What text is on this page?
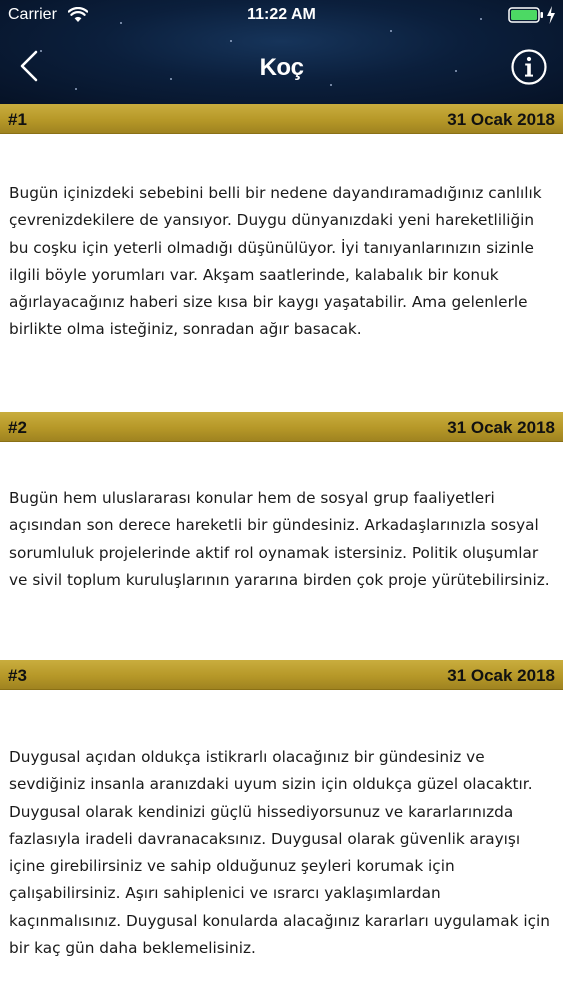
Carrier	11:22 AM
Koç
#1	31 Ocak 2018
Bugün içinizdeki sebebini belli bir nedene dayandıramadığınız canlılık çevrenizdekilere de yansıyor. Duygu dünyanızdaki yeni hareketliliğin bu coşku için yeterli olmadığı düşünülüyor. İyi tanıyanlarınızın sizinle ilgili böyle yorumları var. Akşam saatlerinde, kalabalık bir konuk ağırlayacağınız haberi size kısa bir kaygı yaşatabilir. Ama gelenlerle birlikte olma isteğiniz, sonradan ağır basacak.
#2	31 Ocak 2018
Bugün hem uluslararası konular hem de sosyal grup faaliyetleri açısından son derece hareketli bir gündesiniz. Arkadaşlarınızla sosyal sorumluluk projelerinde aktif rol oynamak istersiniz. Politik oluşumlar ve sivil toplum kuruluşlarının yararına birden çok proje yürütebilirsiniz.
#3	31 Ocak 2018
Duygusal açıdan oldukça istikrarlı olacağınız bir gündesiniz ve sevdiğiniz insanla aranızdaki uyum sizin için oldukça güzel olacaktır. Duygusal olarak kendinizi güçlü hissediyorsunuz ve kararlarınızda fazlasıyla iradeli davranacaksınız. Duygusal olarak güvenlik arayışı içine girebilirsiniz ve sahip olduğunuz şeyleri korumak için çalışabilirsiniz. Aşırı sahiplenici ve ısrarcı yaklaşımlardan kaçınmalısınız. Duygusal konularda alacağınız kararları uygulamak için bir kaç gün daha beklemelisiniz.
